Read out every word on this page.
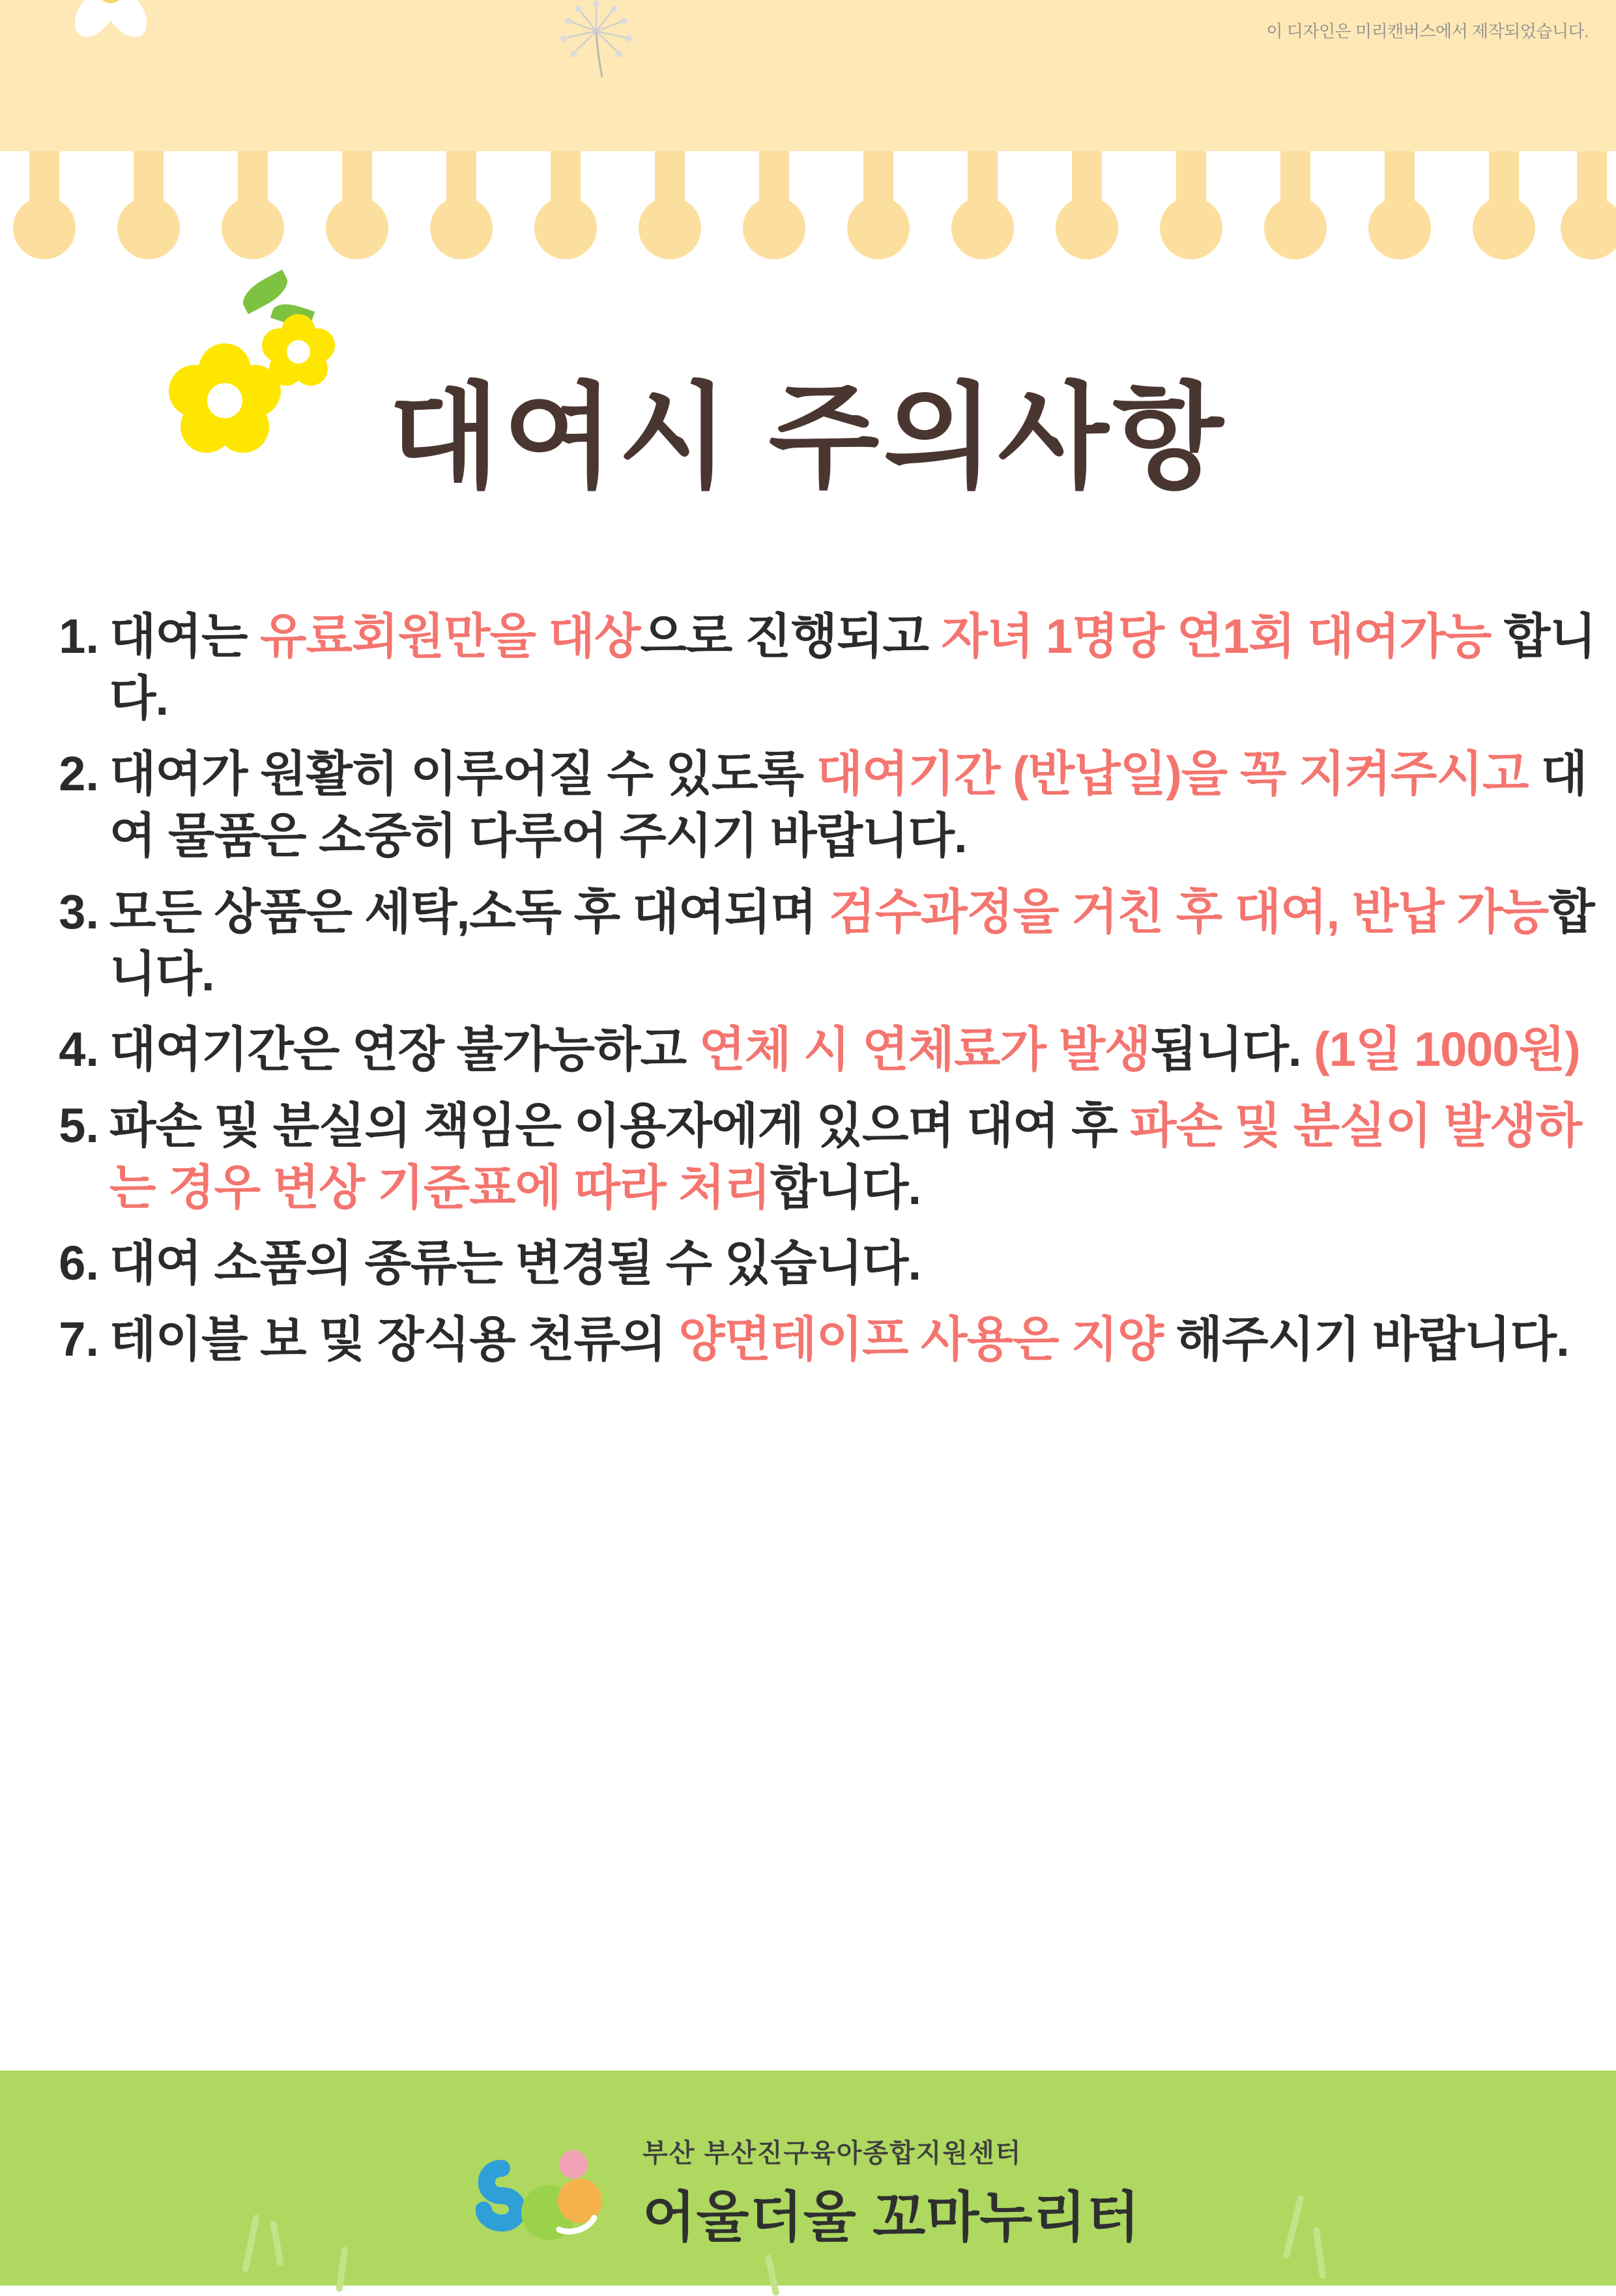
이 디자인은 미리캔버스에서 제작되었습니다.
대여시 주의사항
1. 대여는 유료회원만을 대상으로 진행되고 자녀 1명당 연1회 대여가능 합니다.
2. 대여가 원활히 이루어질 수 있도록 대여기간 (반납일)을 꼭 지켜주시고 대여 물품은 소중히 다루어 주시기 바랍니다.
3. 모든 상품은 세탁,소독 후 대여되며 검수과정을 거친 후 대여, 반납 가능합니다.
4. 대여기간은 연장 불가능하고 연체 시 연체료가 발생됩니다. (1일 1000원)
5. 파손 및 분실의 책임은 이용자에게 있으며 대여 후 파손 및 분실이 발생하는 경우 변상 기준표에 따라 처리합니다.
6. 대여 소품의 종류는 변경될 수 있습니다.
7. 테이블 보 및 장식용 천류의 양면테이프 사용은 지양 해주시기 바랍니다.
부산 부산진구육아종합지원센터
어울더울 꼬마누리터
